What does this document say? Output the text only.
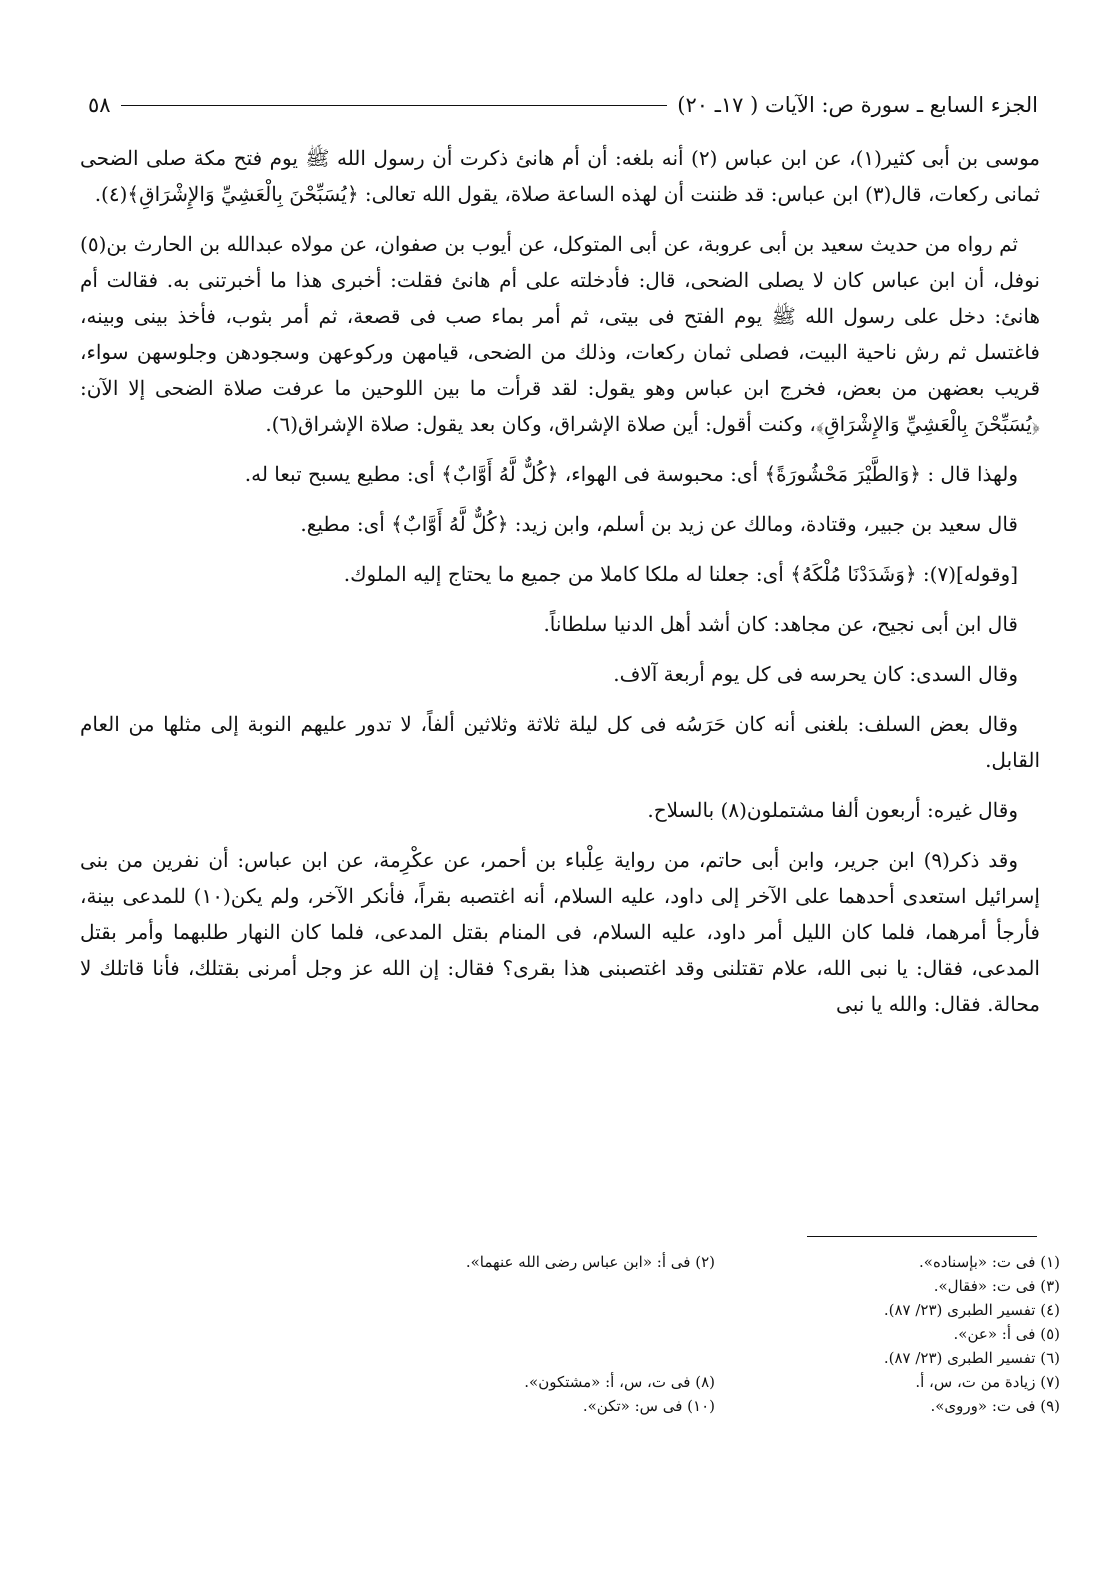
٥٨	الجزء السابع ـ سورة ص: الآيات ( ١٧ـ ٢٠)

موسى بن أبى كثير(١)، عن ابن عباس (٢) أنه بلغه: أن أم هانئ ذكرت أن رسول الله ﷺ يوم فتح مكة صلى الضحى ثمانى ركعات، قال(٣) ابن عباس: قد ظننت أن لهذه الساعة صلاة، يقول الله تعالى: ﴿يُسَبِّحْنَ بِالْعَشِيِّ وَالإِشْرَاقِ﴾(٤).

ثم رواه من حديث سعيد بن أبى عروبة، عن أبى المتوكل، عن أيوب بن صفوان، عن مولاه عبدالله بن الحارث بن(٥) نوفل، أن ابن عباس كان لا يصلى الضحى، قال: فأدخلته على أم هانئ فقلت: أخبرى هذا ما أخبرتنى به. فقالت أم هانئ: دخل على رسول الله ﷺ يوم الفتح فى بيتى، ثم أمر بماء صب فى قصعة، ثم أمر بثوب، فأخذ بينى وبينه، فاغتسل ثم رش ناحية البيت، فصلى ثمان ركعات، وذلك من الضحى، قيامهن وركوعهن وسجودهن وجلوسهن سواء، قريب بعضهن من بعض، فخرج ابن عباس وهو يقول: لقد قرأت ما بين اللوحين ما عرفت صلاة الضحى إلا الآن: ﴿يُسَبِّحْنَ بِالْعَشِيِّ وَالإِشْرَاقِ﴾، وكنت أقول: أين صلاة الإشراق، وكان بعد يقول: صلاة الإشراق(٦).

ولهذا قال : ﴿وَالطَّيْرَ مَحْشُورَةً﴾ أى: محبوسة فى الهواء، ﴿كُلٌّ لَّهُ أَوَّابٌ﴾ أى: مطيع يسبح تبعا له.

قال سعيد بن جبير، وقتادة، ومالك عن زيد بن أسلم، وابن زيد: ﴿كُلٌّ لَّهُ أَوَّابٌ﴾ أى: مطيع.

[وقوله](٧): ﴿وَشَدَدْنَا مُلْكَهُ﴾ أى: جعلنا له ملكا كاملا من جميع ما يحتاج إليه الملوك.

قال ابن أبى نجيح، عن مجاهد: كان أشد أهل الدنيا سلطاناً.

وقال السدى: كان يحرسه فى كل يوم أربعة آلاف.

وقال بعض السلف: بلغنى أنه كان حَرَسُه فى كل ليلة ثلاثة وثلاثين ألفاً، لا تدور عليهم النوبة إلى مثلها من العام القابل.

وقال غيره: أربعون ألفا مشتملون(٨) بالسلاح.

وقد ذكر(٩) ابن جرير، وابن أبى حاتم، من رواية عِلْباء بن أحمر، عن عكْرِمة، عن ابن عباس: أن نفرين من بنى إسرائيل استعدى أحدهما على الآخر إلى داود، عليه السلام، أنه اغتصبه بقراً، فأنكر الآخر، ولم يكن(١٠) للمدعى بينة، فأرجأ أمرهما، فلما كان الليل أمر داود، عليه السلام، فى المنام بقتل المدعى، فلما كان النهار طلبهما وأمر بقتل المدعى، فقال: يا نبى الله، علام تقتلنى وقد اغتصبنى هذا بقرى؟ فقال: إن الله عز وجل أمرنى بقتلك، فأنا قاتلك لا محالة. فقال: والله يا نبى

(١) فى ت: «بإسناده».
(٢) فى أ: «ابن عباس رضى الله عنهما».
(٣) فى ت: «فقال».
(٤) تفسير الطبرى (٢٣/ ٨٧).
(٥) فى أ: «عن».
(٦) تفسير الطبرى (٢٣/ ٨٧).
(٧) زيادة من ت، س، أ.
(٨) فى ت، س، أ: «مشتكون».
(٩) فى ت: «وروى».
(١٠) فى س: «تكن».
